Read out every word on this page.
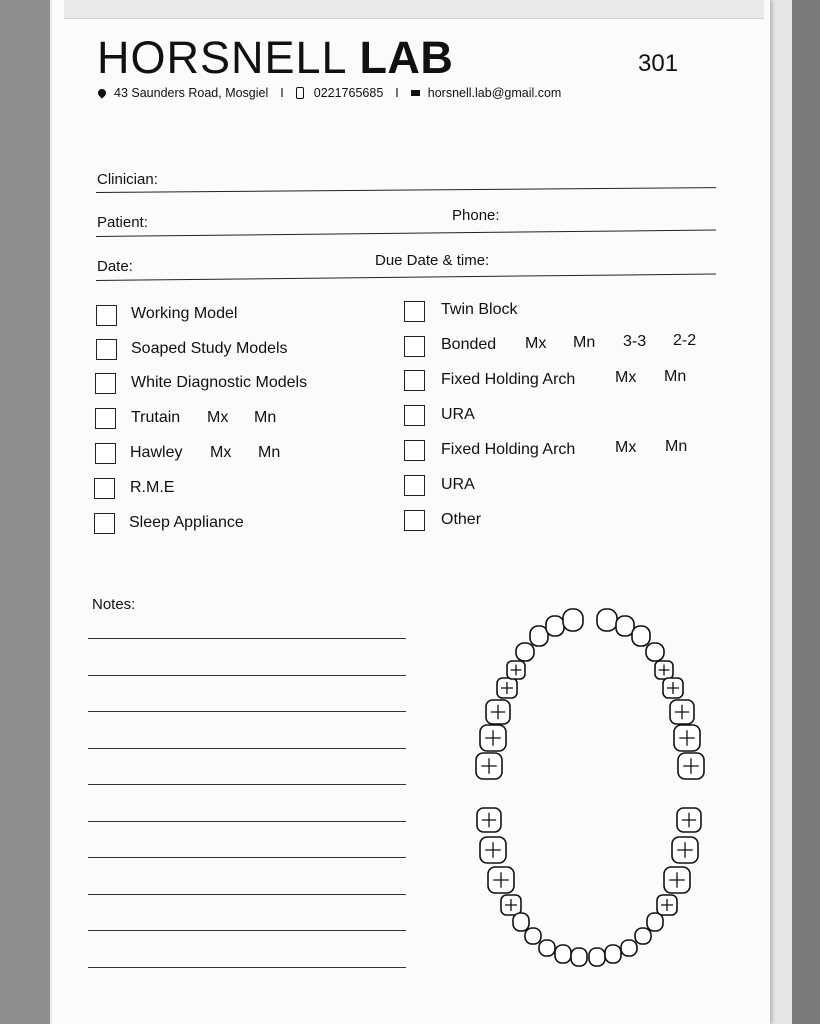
HORSNELL LAB	301
43 Saunders Road, Mosgiel I 0221765685 I horsnell.lab@gmail.com
Clinician:
Patient:	Phone:
Date:	Due Date & time:
Working Model
Soaped Study Models
White Diagnostic Models
Trutain Mx Mn
Hawley Mx Mn
R.M.E
Sleep Appliance
Twin Block
Bonded Mx Mn 3-3 2-2
Fixed Holding Arch Mx Mn
URA
Fixed Holding Arch Mx Mn
URA
Other
Notes:
